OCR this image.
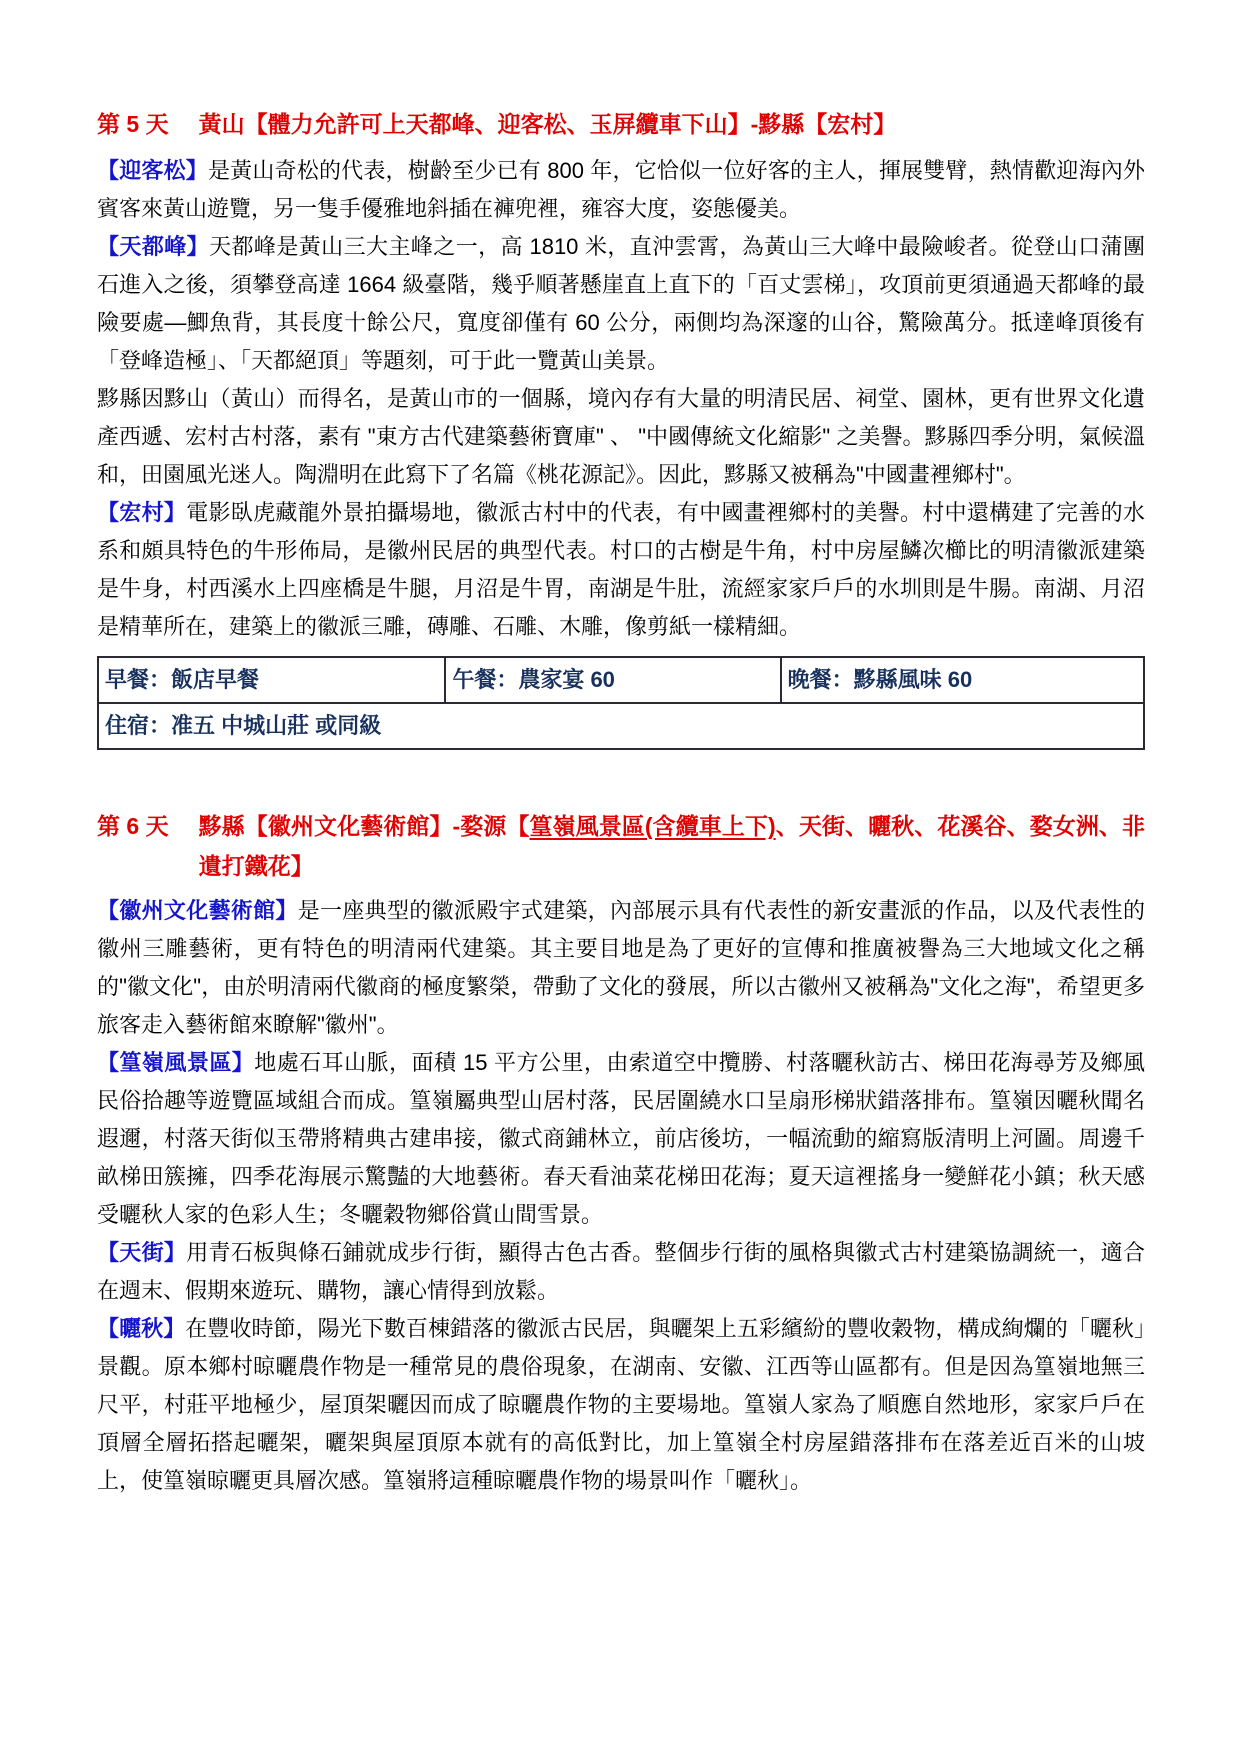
第 5 天 黃山【體力允許可上天都峰、迎客松、玉屏纜車下山】-黟縣【宏村】

【迎客松】是黃山奇松的代表，樹齡至少已有 800 年，它恰似一位好客的主人，揮展雙臂，熱情歡迎海內外賓客來黃山遊覽，另一隻手優雅地斜插在褲兜裡，雍容大度，姿態優美。

【天都峰】天都峰是黃山三大主峰之一，高 1810 米，直沖雲霄，為黃山三大峰中最險峻者。從登山口蒲團石進入之後，須攀登高達 1664 級臺階，幾乎順著懸崖直上直下的「百丈雲梯」，攻頂前更須通過天都峰的最險要處—鯽魚背，其長度十餘公尺，寬度卻僅有 60 公分，兩側均為深邃的山谷，驚險萬分。抵達峰頂後有「登峰造極」、「天都絕頂」等題刻，可于此一覽黃山美景。

黟縣因黟山（黃山）而得名，是黃山市的一個縣，境內存有大量的明清民居、祠堂、園林，更有世界文化遺產西遞、宏村古村落，素有 "東方古代建築藝術寶庫" 、 "中國傳統文化縮影" 之美譽。黟縣四季分明，氣候溫和，田園風光迷人。陶淵明在此寫下了名篇《桃花源記》。因此，黟縣又被稱為"中國畫裡鄉村"。

【宏村】電影臥虎藏龍外景拍攝場地，徽派古村中的代表，有中國畫裡鄉村的美譽。村中還構建了完善的水系和頗具特色的牛形佈局，是徽州民居的典型代表。村口的古樹是牛角，村中房屋鱗次櫛比的明清徽派建築是牛身，村西溪水上四座橋是牛腿，月沼是牛胃，南湖是牛肚，流經家家戶戶的水圳則是牛腸。南湖、月沼是精華所在，建築上的徽派三雕，磚雕、石雕、木雕，像剪紙一樣精細。

早餐：飯店早餐	午餐：農家宴 60	晚餐：黟縣風味 60
住宿：准五 中城山莊 或同級
第 6 天 黟縣【徽州文化藝術館】-婺源【篁嶺風景區(含纜車上下)、天街、曬秋、花溪谷、婺女洲、非遺打鐵花】

【徽州文化藝術館】是一座典型的徽派殿宇式建築，內部展示具有代表性的新安畫派的作品，以及代表性的徽州三雕藝術，更有特色的明清兩代建築。其主要目地是為了更好的宣傳和推廣被譽為三大地域文化之稱的"徽文化"，由於明清兩代徽商的極度繁榮，帶動了文化的發展，所以古徽州又被稱為"文化之海"，希望更多旅客走入藝術館來瞭解"徽州"。

【篁嶺風景區】地處石耳山脈，面積 15 平方公里，由索道空中攬勝、村落曬秋訪古、梯田花海尋芳及鄉風民俗拾趣等遊覽區域組合而成。篁嶺屬典型山居村落，民居圍繞水口呈扇形梯狀錯落排布。篁嶺因曬秋聞名遐邇，村落天街似玉帶將精典古建串接，徽式商鋪林立，前店後坊，一幅流動的縮寫版清明上河圖。周邊千畝梯田簇擁，四季花海展示驚豔的大地藝術。春天看油菜花梯田花海；夏天這裡搖身一變鮮花小鎮；秋天感受曬秋人家的色彩人生；冬曬穀物鄉俗賞山間雪景。

【天街】用青石板與條石鋪就成步行街，顯得古色古香。整個步行街的風格與徽式古村建築協調統一，適合在週末、假期來遊玩、購物，讓心情得到放鬆。

【曬秋】在豐收時節，陽光下數百棟錯落的徽派古民居，與曬架上五彩繽紛的豐收穀物，構成絢爛的「曬秋」景觀。原本鄉村晾曬農作物是一種常見的農俗現象，在湖南、安徽、江西等山區都有。但是因為篁嶺地無三尺平，村莊平地極少，屋頂架曬因而成了晾曬農作物的主要場地。篁嶺人家為了順應自然地形，家家戶戶在頂層全層拓搭起曬架，曬架與屋頂原本就有的高低對比，加上篁嶺全村房屋錯落排布在落差近百米的山坡上，使篁嶺晾曬更具層次感。篁嶺將這種晾曬農作物的場景叫作「曬秋」。
